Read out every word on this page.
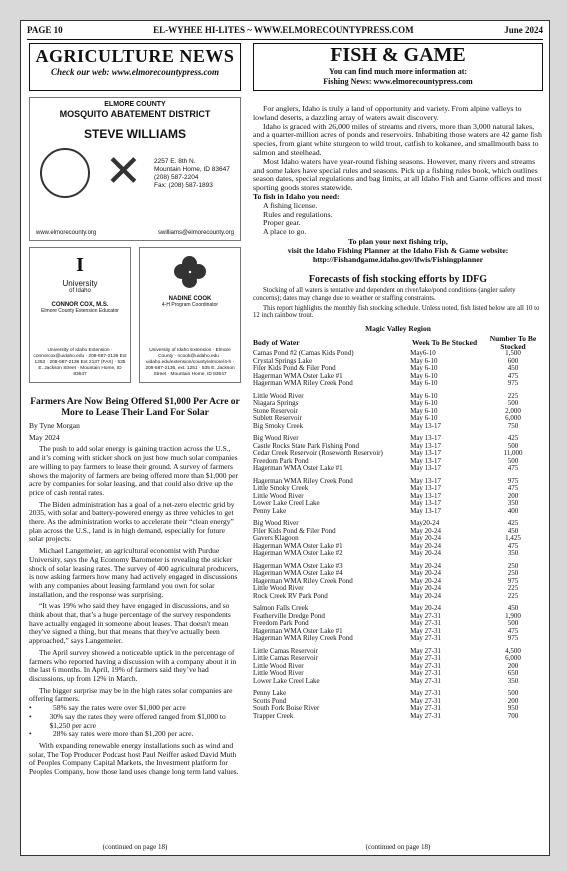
PAGE 10	EL-WYHEE HI-LITES ~ WWW.ELMORECOUNTYPRESS.COM	June 2024
AGRICULTURE NEWS
Check our web: www.elmorecountypress.com
ELMORE COUNTY
MOSQUITO ABATEMENT DISTRICT
STEVE WILLIAMS
✕ 2257 E. 8th N.
Mountain Home, ID 83647
(208) 587-2204
Fax: (208) 587-1893
www.elmorecounty.org	swilliams@elmorecounty.org
I
University
of Idaho
CONNOR COX, M.S.
Elmore County Extension Educator
University of Idaho Extension · connorcox@uidaho.edu · 208-587-2136 Ext 1253 · 208-587-2136 Ext 2137 (FAX) · 535 E. Jackson Street · Mountain Home, ID 83647
NADINE COOK
4-H Program Coordinator
University of Idaho Extension · Elmore County · ncook@uidaho.edu · uidaho.edu/extension/county/elmore/4-h · 208-587-2136, ext. 1251 · 535 E. Jackson Street · Mountain Home, ID 83647
Farmers Are Now Being Offered $1,000 Per Acre or More to Lease Their Land For Solar

By Tyne Morgan

May 2024

The push to add solar energy is gaining traction across the U.S., and it’s coming with sticker shock on just how much solar companies are willing to pay farmers to lease their ground. A survey of farmers shows the majority of farmers are being offered more than $1,000 per acre by companies for solar leasing, and that could also drive up the price of cash rental rates.

The Biden administration has a goal of a net-zero electric grid by 2035, with solar and battery-powered energy as three vehicles to get there. As the administration works to accelerate their “clean energy” plan across the U.S., land is in high demand, especially for future solar projects.

Michael Langemeier, an agricultural economist with Purdue University, says the Ag Economy Barometer is revealing the sticker shock of solar leasing rates. The survey of 400 agricultural producers, is now asking farmers how many had actively engaged in discussions with any companies about leasing farmland you own for solar installation, and the response was surprising.

“It was 19% who said they have engaged in discussions, and so think about that, that’s a huge percentage of the survey respondents have actually engaged in someone about leases. That doesn't mean they've signed a thing, but that means that they've actually been approached,” says Langemeier.

The April survey showed a noticeable uptick in the percentage of farmers who reported having a discussion with a company about it in the last 6 months. In April, 19% of farmers said they’ve had discussions, up from 12% in March.

The bigger surprise may be in the high rates solar companies are offering farmers.

•	58% say the rates were over $1,000 per acre
•	30% say the rates they were offered ranged from $1,000 to $1,250 per acre
•	28% say rates were more than $1,200 per acre.

With expanding renewable energy installations such as wind and solar, The Top Producer Podcast host Paul Neiffer asked David Muth of Peoples Company Capital Markets, the Investment platform for Peoples Company, how those land uses change long term land values.

(continued on page 18)
FISH & GAME
You can find much more information at:
Fishing News: www.elmorecountypress.com

For anglers, Idaho is truly a land of opportunity and variety. From alpine valleys to lowland deserts, a dazzling array of waters await discovery.

Idaho is graced with 26,000 miles of streams and rivers, more than 3,000 natural lakes, and a quarter-million acres of ponds and reservoirs. Inhabiting those waters are 42 game fish species, from giant white sturgeon to wild trout, catfish to kokanee, and smallmouth bass to salmon and steelhead.

Most Idaho waters have year-round fishing seasons. However, many rivers and streams and some lakes have special rules and seasons. Pick up a fishing rules book, which outlines season dates, special regulations and bag limits, at all Idaho Fish and Game offices and most sporting goods stores statewide.

To fish in Idaho you need:
A fishing license.
Rules and regulations.
Proper gear.
A place to go.
To plan your next fishing trip,
visit the Idaho Fishing Planner at the Idaho Fish & Game website:
http://Fishandgame.idaho.gov/ifwis/Fishingplanner
Forecasts of fish stocking efforts by IDFG

Stocking of all waters is tentative and dependent on river/lake/pond conditions (angler safety concerns); dates may change due to weather or staffing constraints.

This report highlights the monthly fish stocking schedule. Unless noted, fish listed below are all 10 to 12 inch rainbow trout.

Magic Valley Region
Body of Water	Week To Be Stocked	Number To Be Stocked
Camas Pond #2 (Camas Kids Pond)	May6-10	1,500
Crystal Springs Lake	May 6-10	600
Filer Kids Pond & Filer Pond	May 6-10	450
Hagerman WMA Oster Lake #1	May 6-10	475
Hagerman WMA Riley Creek Pond	May 6-10	975

Little Wood River	May 6-10	225
Niagara Springs	May 6-10	500
Stone Reservoir	May 6-10	2,000
Sublett Reservoir	May 6-10	6,000
Big Smoky Creek	May 13-17	750

Big Wood River	May 13-17	425
Castle Rocks State Park Fishing Pond	May 13-17	500
Cedar Creek Reservoir (Roseworth Reservoir)	May 13-17	11,000
Freedom Park Pond	May 13-17	500
Hagerman WMA Oster Lake #1	May 13-17	475

Hagerman WMA Riley Creek Pond	May 13-17	975
Little Smoky Creek	May 13-17	475
Little Wood River	May 13-17	200
Lower Lake Creel Lake	May 13-17	350
Penny Lake	May 13-17	400

Big Wood River	May20-24	425
Filer Kids Pond & Filer Pond	May 20-24	450
Gavers Klagoon	May 20-24	1,425
Hagerman WMA Oster Lake #1	May 20-24	475
Hagerman WMA Oster Lake #2	May 20-24	350

Hagerman WMA Oster Lake #3	May 20-24	250
Hagerman WMA Oster Lake #4	May 20-24	250
Hagerman WMA Riley Creek Pond	May 20-24	975
Little Wood River	May 20-24	225
Rock Creek RV Park Pond	May 20-24	225

Salmon Falls Creek	May 20-24	450
Featherville Dredge Pond	May 27-31	1,900
Freedom Park Pond	May 27-31	500
Hagerman WMA Oster Lake #1	May 27-31	475
Hagerman WMA Riley Creek Pond	May 27-31	975

Little Camas Reservoir	May 27-31	4,500
Little Camas Reservoir	May 27-31	6,000
Little Wood River	May 27-31	200
Little Wood River	May 27-31	650
Lower Lake Creel Lake	May 27-31	350

Penny Lake	May 27-31	500
Scotts Pond	May 27-31	200
South Fork Boise River	May 27-31	950
Trapper Creek	May 27-31	700
(continued on page 18)
